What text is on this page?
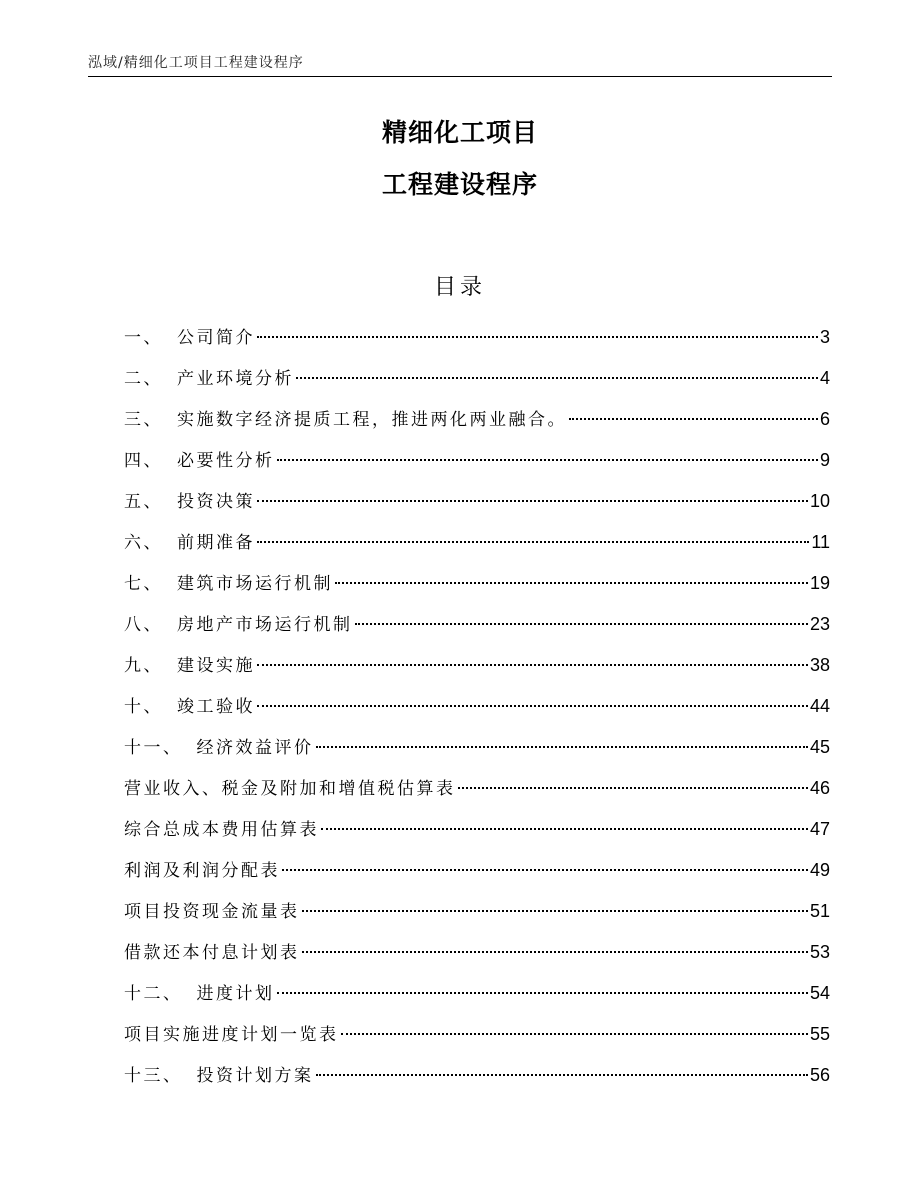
泓域/精细化工项目工程建设程序
精细化工项目
工程建设程序
目录
一、 公司简介	3
二、 产业环境分析	4
三、 实施数字经济提质工程，推进两化两业融合。	6
四、 必要性分析	9
五、 投资决策	10
六、 前期准备	11
七、 建筑市场运行机制	19
八、 房地产市场运行机制	23
九、 建设实施	38
十、 竣工验收	44
十一、 经济效益评价	45
营业收入、税金及附加和增值税估算表	46
综合总成本费用估算表	47
利润及利润分配表	49
项目投资现金流量表	51
借款还本付息计划表	53
十二、 进度计划	54
项目实施进度计划一览表	55
十三、 投资计划方案	56
